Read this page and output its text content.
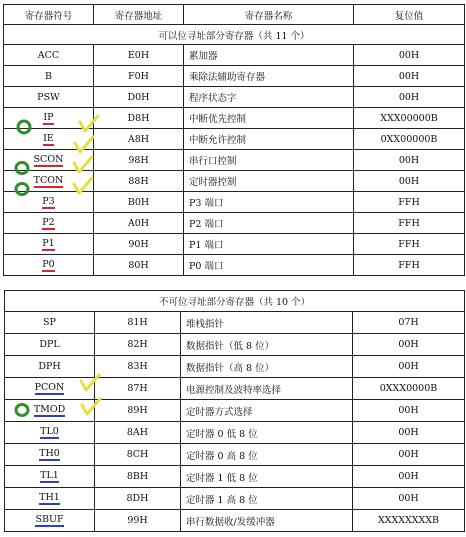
寄存器符号	寄存器地址	寄存器名称	复位值
可以位寻址部分寄存器（共 11 个）			
ACC	E0H	累加器	00H
B	F0H	乘除法辅助寄存器	00H
PSW	D0H	程序状态字	00H
IP	D8H	中断优先控制	XXX00000B
IE	A8H	中断允许控制	0XX00000B
SCON	98H	串行口控制	00H
TCON	88H	定时器控制	00H
P3	B0H	P3 端口	FFH
P2	A0H	P2 端口	FFH
P1	90H	P1 端口	FFH
P0	80H	P0 端口	FFH
不可位寻址部分寄存器（共 10 个）			
SP	81H	堆栈指针	07H
DPL	82H	数据指针（低 8 位）	00H
DPH	83H	数据指针（高 8 位）	00H
PCON	87H	电源控制及波特率选择	0XXX0000B
TMOD	89H	定时器方式选择	00H
TL0	8AH	定时器 0 低 8 位	00H
TH0	8CH	定时器 0 高 8 位	00H
TL1	8BH	定时器 1 低 8 位	00H
TH1	8DH	定时器 1 高 8 位	00H
SBUF	99H	串行数据收/发缓冲器	XXXXXXXXB
